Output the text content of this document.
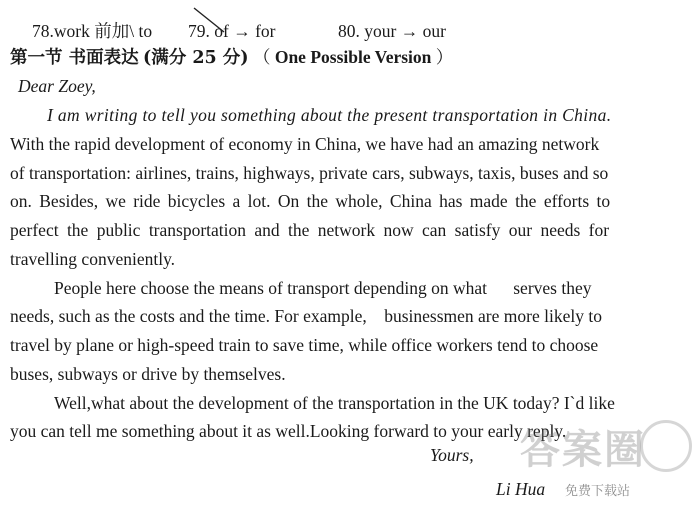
78.work 前加\ to 79. of → for	80. your → our
第一节 书面表达 (满分 25 分) （ One Possible Version ）
Dear Zoey,
I am writing to tell you something about the present transportation in China.
With the rapid development of economy in China, we have had an amazing network
of transportation: airlines, trains, highways, private cars, subways, taxis, buses and so
on. Besides, we ride bicycles a lot. On the whole, China has made the efforts to
perfect the public transportation and the network now can satisfy our needs for
travelling conveniently.
People here choose the means of transport depending on what      serves they
needs, such as the costs and the time. For example,    businessmen are more likely to
travel by plane or high-speed train to save time, while office workers tend to choose
buses, subways or drive by themselves.
Well,what about the development of the transportation in the UK today? I`d like
you can tell me something about it as well.Looking forward to your early reply.
Yours,
Li Hua
答案圈
免费下载站
